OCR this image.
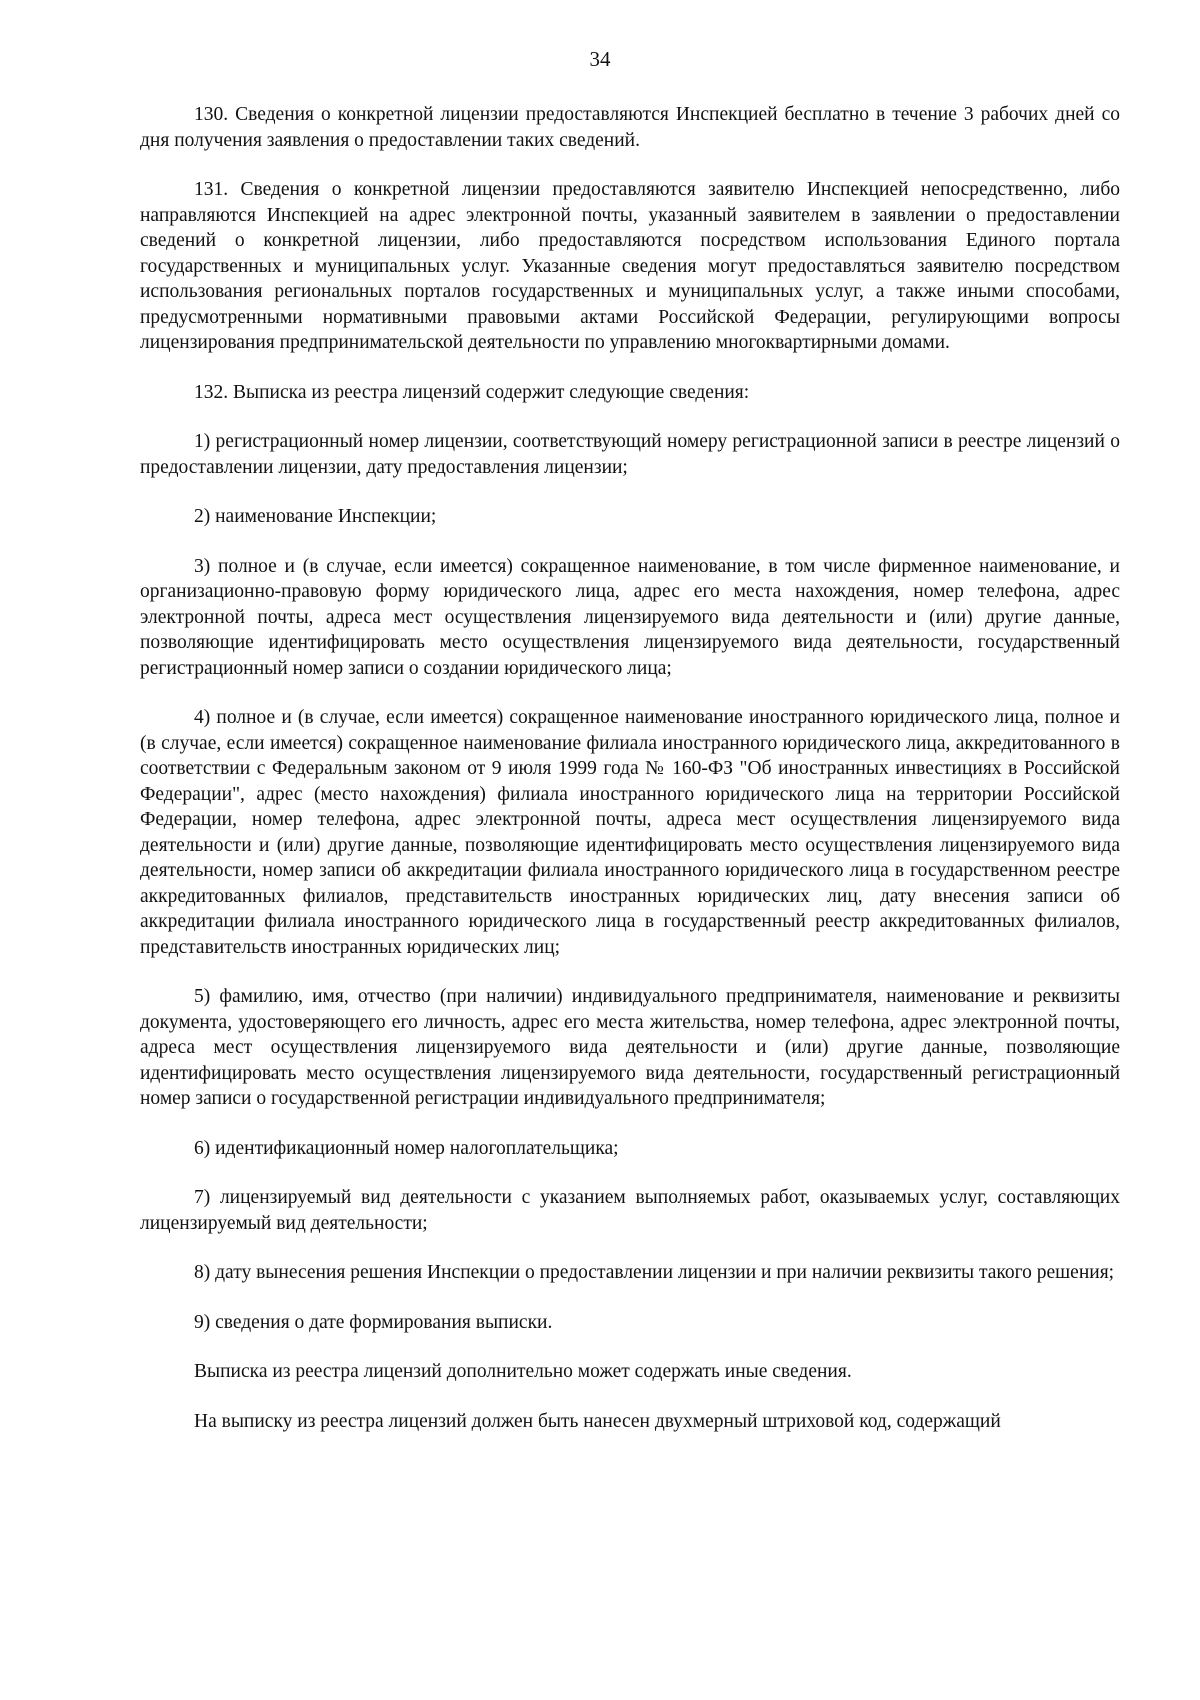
34

130. Сведения о конкретной лицензии предоставляются Инспекцией бесплатно в течение 3 рабочих дней со дня получения заявления о предоставлении таких сведений.

131. Сведения о конкретной лицензии предоставляются заявителю Инспекцией непосредственно, либо направляются Инспекцией на адрес электронной почты, указанный заявителем в заявлении о предоставлении сведений о конкретной лицензии, либо предоставляются посредством использования Единого портала государственных и муниципальных услуг. Указанные сведения могут предоставляться заявителю посредством использования региональных порталов государственных и муниципальных услуг, а также иными способами, предусмотренными нормативными правовыми актами Российской Федерации, регулирующими вопросы лицензирования предпринимательской деятельности по управлению многоквартирными домами.

132. Выписка из реестра лицензий содержит следующие сведения:

1) регистрационный номер лицензии, соответствующий номеру регистрационной записи в реестре лицензий о предоставлении лицензии, дату предоставления лицензии;

2) наименование Инспекции;

3) полное и (в случае, если имеется) сокращенное наименование, в том числе фирменное наименование, и организационно-правовую форму юридического лица, адрес его места нахождения, номер телефона, адрес электронной почты, адреса мест осуществления лицензируемого вида деятельности и (или) другие данные, позволяющие идентифицировать место осуществления лицензируемого вида деятельности, государственный регистрационный номер записи о создании юридического лица;

4) полное и (в случае, если имеется) сокращенное наименование иностранного юридического лица, полное и (в случае, если имеется) сокращенное наименование филиала иностранного юридического лица, аккредитованного в соответствии с Федеральным законом от 9 июля 1999 года № 160-ФЗ "Об иностранных инвестициях в Российской Федерации", адрес (место нахождения) филиала иностранного юридического лица на территории Российской Федерации, номер телефона, адрес электронной почты, адреса мест осуществления лицензируемого вида деятельности и (или) другие данные, позволяющие идентифицировать место осуществления лицензируемого вида деятельности, номер записи об аккредитации филиала иностранного юридического лица в государственном реестре аккредитованных филиалов, представительств иностранных юридических лиц, дату внесения записи об аккредитации филиала иностранного юридического лица в государственный реестр аккредитованных филиалов, представительств иностранных юридических лиц;

5) фамилию, имя, отчество (при наличии) индивидуального предпринимателя, наименование и реквизиты документа, удостоверяющего его личность, адрес его места жительства, номер телефона, адрес электронной почты, адреса мест осуществления лицензируемого вида деятельности и (или) другие данные, позволяющие идентифицировать место осуществления лицензируемого вида деятельности, государственный регистрационный номер записи о государственной регистрации индивидуального предпринимателя;

6) идентификационный номер налогоплательщика;

7) лицензируемый вид деятельности с указанием выполняемых работ, оказываемых услуг, составляющих лицензируемый вид деятельности;

8) дату вынесения решения Инспекции о предоставлении лицензии и при наличии реквизиты такого решения;

9) сведения о дате формирования выписки.

Выписка из реестра лицензий дополнительно может содержать иные сведения.

На выписку из реестра лицензий должен быть нанесен двухмерный штриховой код, содержащий
